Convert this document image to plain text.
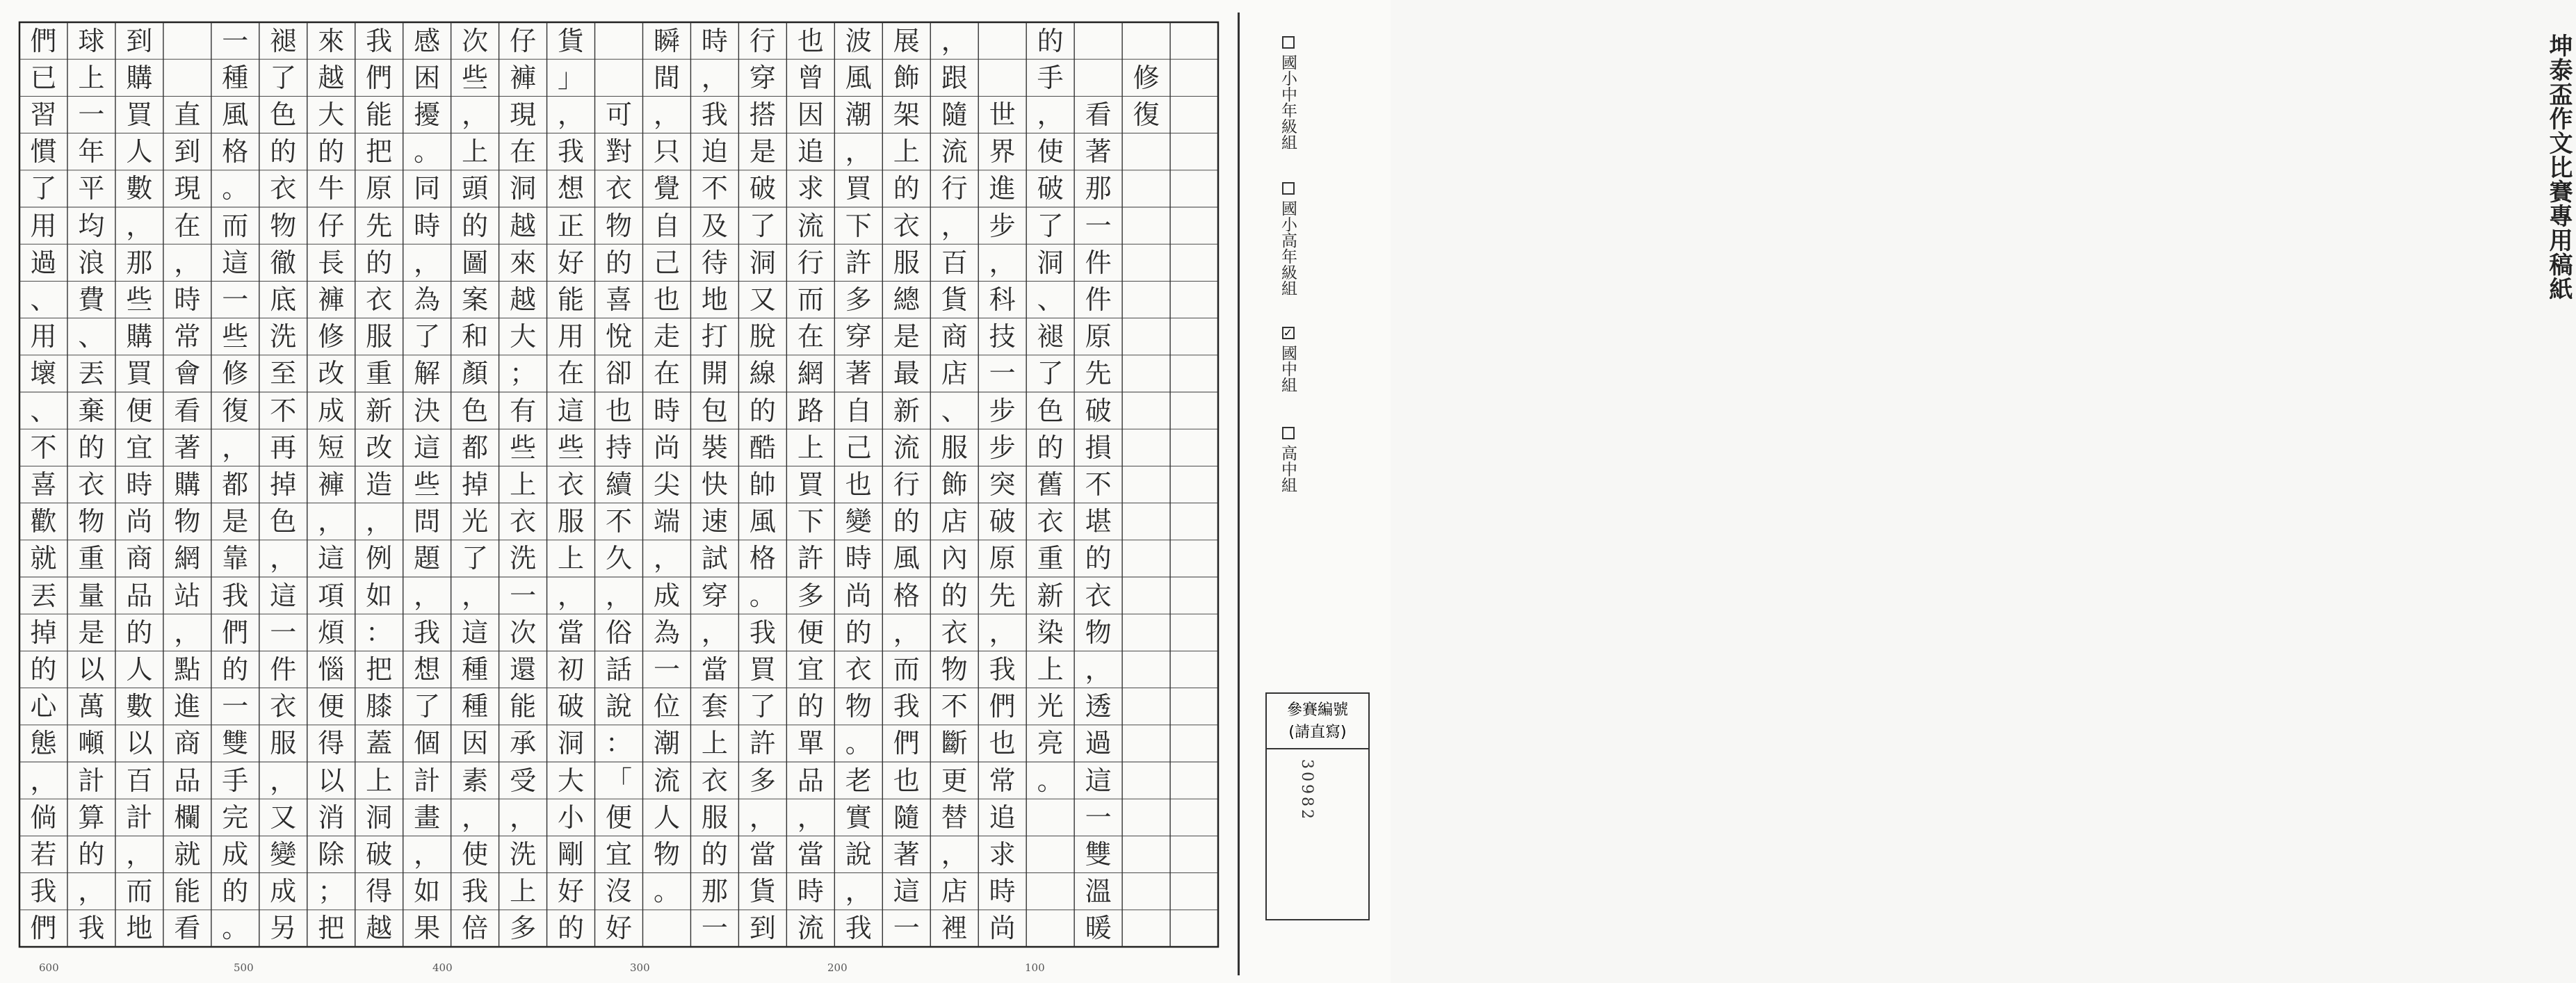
修
復

看
著
那
一
件
件
原
先
破
損
不
堪
的
衣
物
，
透
過
這
一
雙
溫
暖
的
手
，
使
破
了
洞
、
褪
了
色
的
舊
衣
重
新
染
上
光
亮
。

世
界
進
步
，
科
技
一
步
步
突
破
原
先
，
我
們
也
常
追
求
時
尚
，
跟
隨
流
行
，
百
貨
商
店
、
服
飾
店
內
的
衣
物
不
斷
更
替
，
店
裡
展
飾
架
上
的
衣
服
總
是
最
新
流
行
的
風
格
，
而
我
們
也
隨
著
這
一
波
風
潮
，
買
下
許
多
穿
著
自
己
也
變
時
尚
的
衣
物
。
老
實
說
，
我
也
曾
因
追
求
流
行
而
在
網
路
上
買
下
許
多
便
宜
的
單
品
，
當
時
流
行
穿
搭
是
破
了
洞
又
脫
線
的
酷
帥
風
格
。
我
買
了
許
多
，
當
貨
到
時
，
我
迫
不
及
待
地
打
開
包
裝
快
速
試
穿
，
當
套
上
衣
服
的
那
一
瞬
間
，
只
覺
自
己
也
走
在
時
尚
尖
端
，
成
為
一
位
潮
流
人
物
。

可
對
衣
物
的
喜
悅
卻
也
持
續
不
久
，
俗
話
說
：
「
便
宜
沒
好
貨
」
，
我
想
正
好
能
用
在
這
些
衣
服
上
，
當
初
破
洞
大
小
剛
好
的
仔
褲
現
在
洞
越
來
越
大
；
有
些
上
衣
洗
一
次
還
能
承
受
，
洗
上
多
次
些
，
上
頭
的
圖
案
和
顏
色
都
掉
光
了
，
這
種
種
因
素
，
使
我
倍
感
困
擾
。
同
時
，
為
了
解
決
這
些
問
題
，
我
想
了
個
計
畫
，
如
果
我
們
能
把
原
先
的
衣
服
重
新
改
造
，
例
如
：
把
膝
蓋
上
洞
破
得
越
來
越
大
的
牛
仔
長
褲
修
改
成
短
褲
，
這
項
煩
惱
便
得
以
消
除
；
把
褪
了
色
的
衣
物
徹
底
洗
至
不
再
掉
色
，
這
一
件
衣
服
，
又
變
成
另
一
種
風
格
。
而
這
一
些
修
復
，
都
是
靠
我
們
的
一
雙
手
完
成
的
。

直
到
現
在
，
時
常
會
看
著
購
物
網
站
，
點
進
商
品
欄
就
能
看
到
購
買
人
數
，
那
些
購
買
便
宜
時
尚
商
品
的
人
數
以
百
計
，
而
地
球
上
一
年
平
均
浪
費
、
丟
棄
的
衣
物
重
量
是
以
萬
噸
計
算
的
，
我
們
已
習
慣
了
用
過
、
用
壞
、
不
喜
歡
就
丟
掉
的
心
態
，
倘
若
我
們
600	500	400	300	200	100
坤泰盃作文比賽專用稿紙
國小中年級組
國小高年級組
✓
國中組
高中組
參賽編號
(請直寫)
30982
